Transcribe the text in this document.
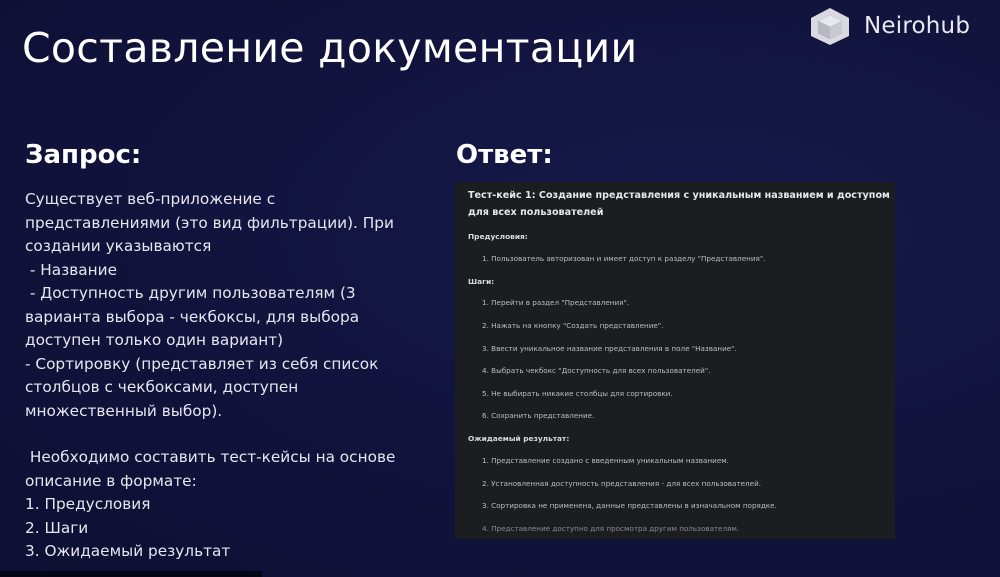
Составление документации	Neirohub
Запрос:	Ответ:
Существует веб-приложение с
представлениями (это вид фильтрации). При
создании указываются
- Название
- Доступность другим пользователям (3
варианта выбора - чекбоксы, для выбора
доступен только один вариант)
- Сортировку (представляет из себя список
столбцов с чекбоксами, доступен
множественный выбор).
Необходимо составить тест-кейсы на основе
описание в формате:
1. Предусловия
2. Шаги
3. Ожидаемый результат
Тест-кейс 1: Создание представления с уникальным названием и доступом для всех пользователей
Предусловия:
1. Пользователь авторизован и имеет доступ к разделу "Представления".
Шаги:
1. Перейти в раздел "Представления".
2. Нажать на кнопку "Создать представление".
3. Ввести уникальное название представления в поле "Название".
4. Выбрать чекбокс "Доступность для всех пользователей".
5. Не выбирать никакие столбцы для сортировки.
6. Сохранить представление.
Ожидаемый результат:
1. Представление создано с введенным уникальным названием.
2. Установленная доступность представления - для всех пользователей.
3. Сортировка не применена, данные представлены в изначальном порядке.
4. Представление доступно для просмотра другим пользователям.
